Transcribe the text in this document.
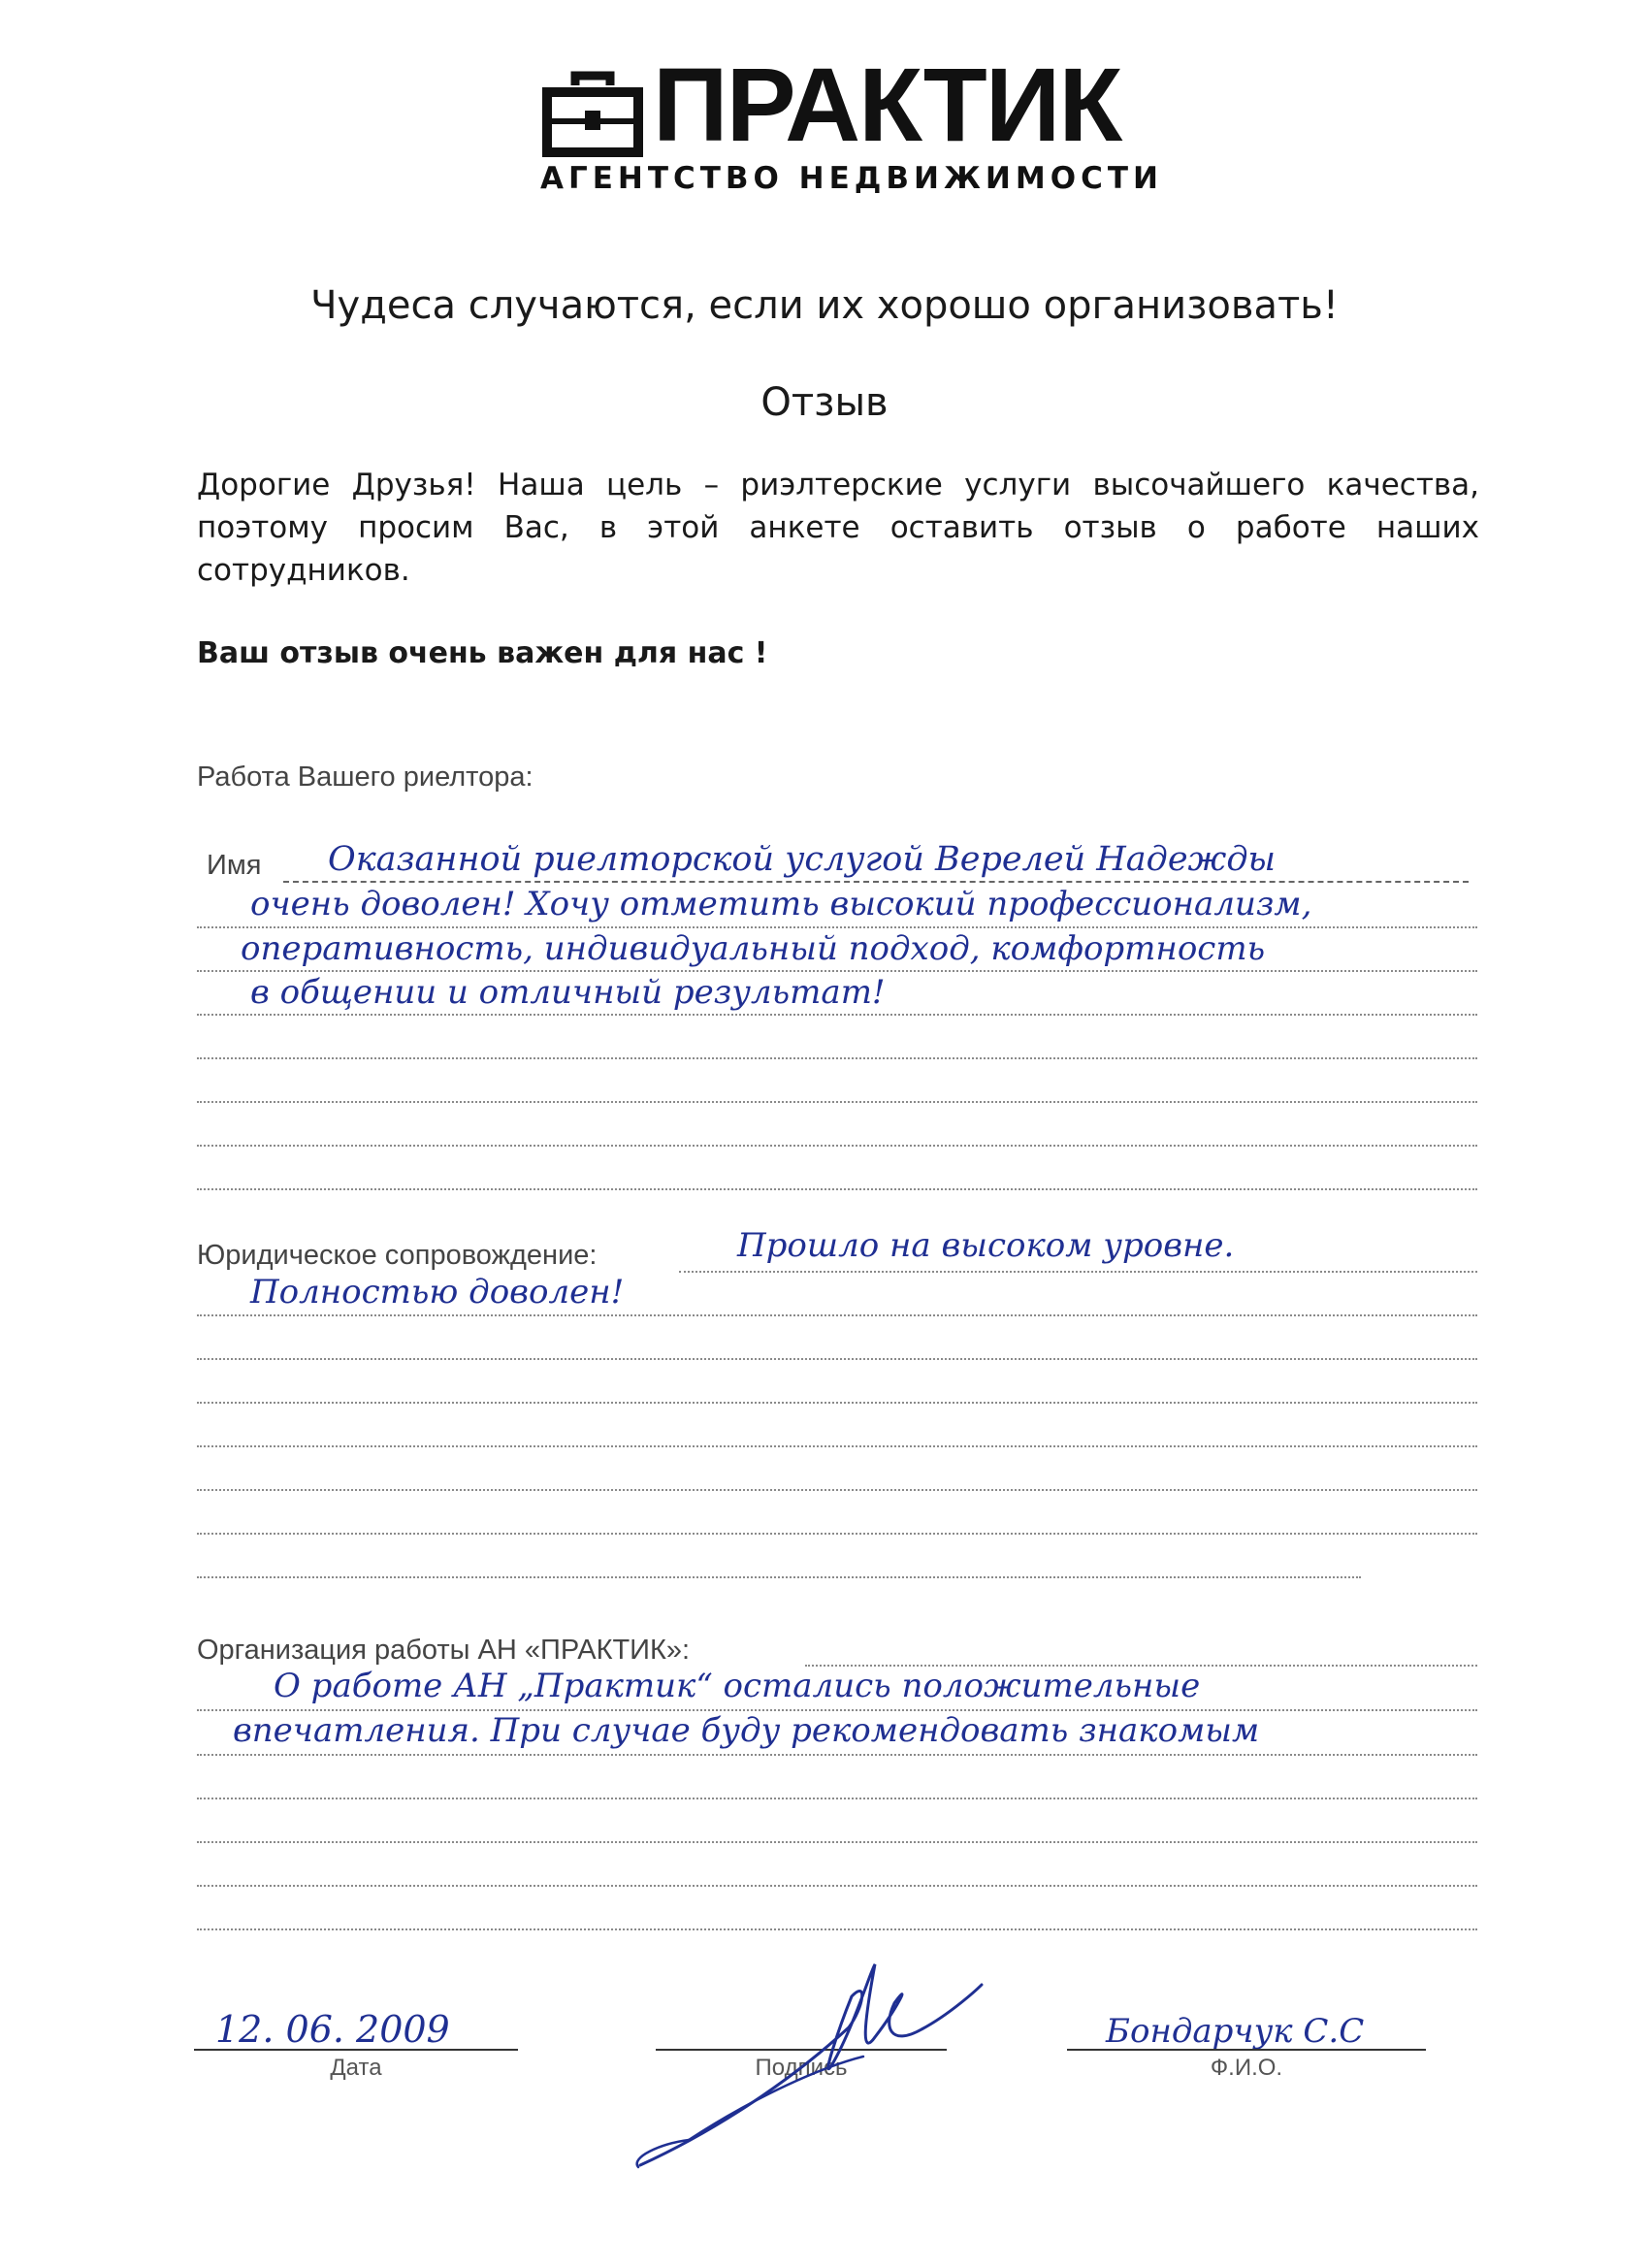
ПРАКТИК
АГЕНТСТВО НЕДВИЖИМОСТИ
Чудеса случаются, если их хорошо организовать!
Отзыв
Дорогие Друзья! Наша цель – риэлтерские услуги высочайшего качества, поэтому просим Вас, в этой анкете оставить отзыв о работе наших сотрудников.
Ваш отзыв очень важен для нас !
Работа Вашего риелтора:
Имя Оказанной риелторской услугой Верелей Надежды
очень доволен! Хочу отметить высокий профессионализм,
оперативность, индивидуальный подход, комфортность
в общении и отличный результат!
Юридическое сопровождение:	Прошло на высоком уровне.
Полностью доволен!
Организация работы АН «ПРАКТИК»:
О работе АН „Практик“ остались положительные
впечатления. При случае буду рекомендовать знакомым
12. 06. 2009
Дата	Подпись
Бондарчук С.С
Ф.И.О.
